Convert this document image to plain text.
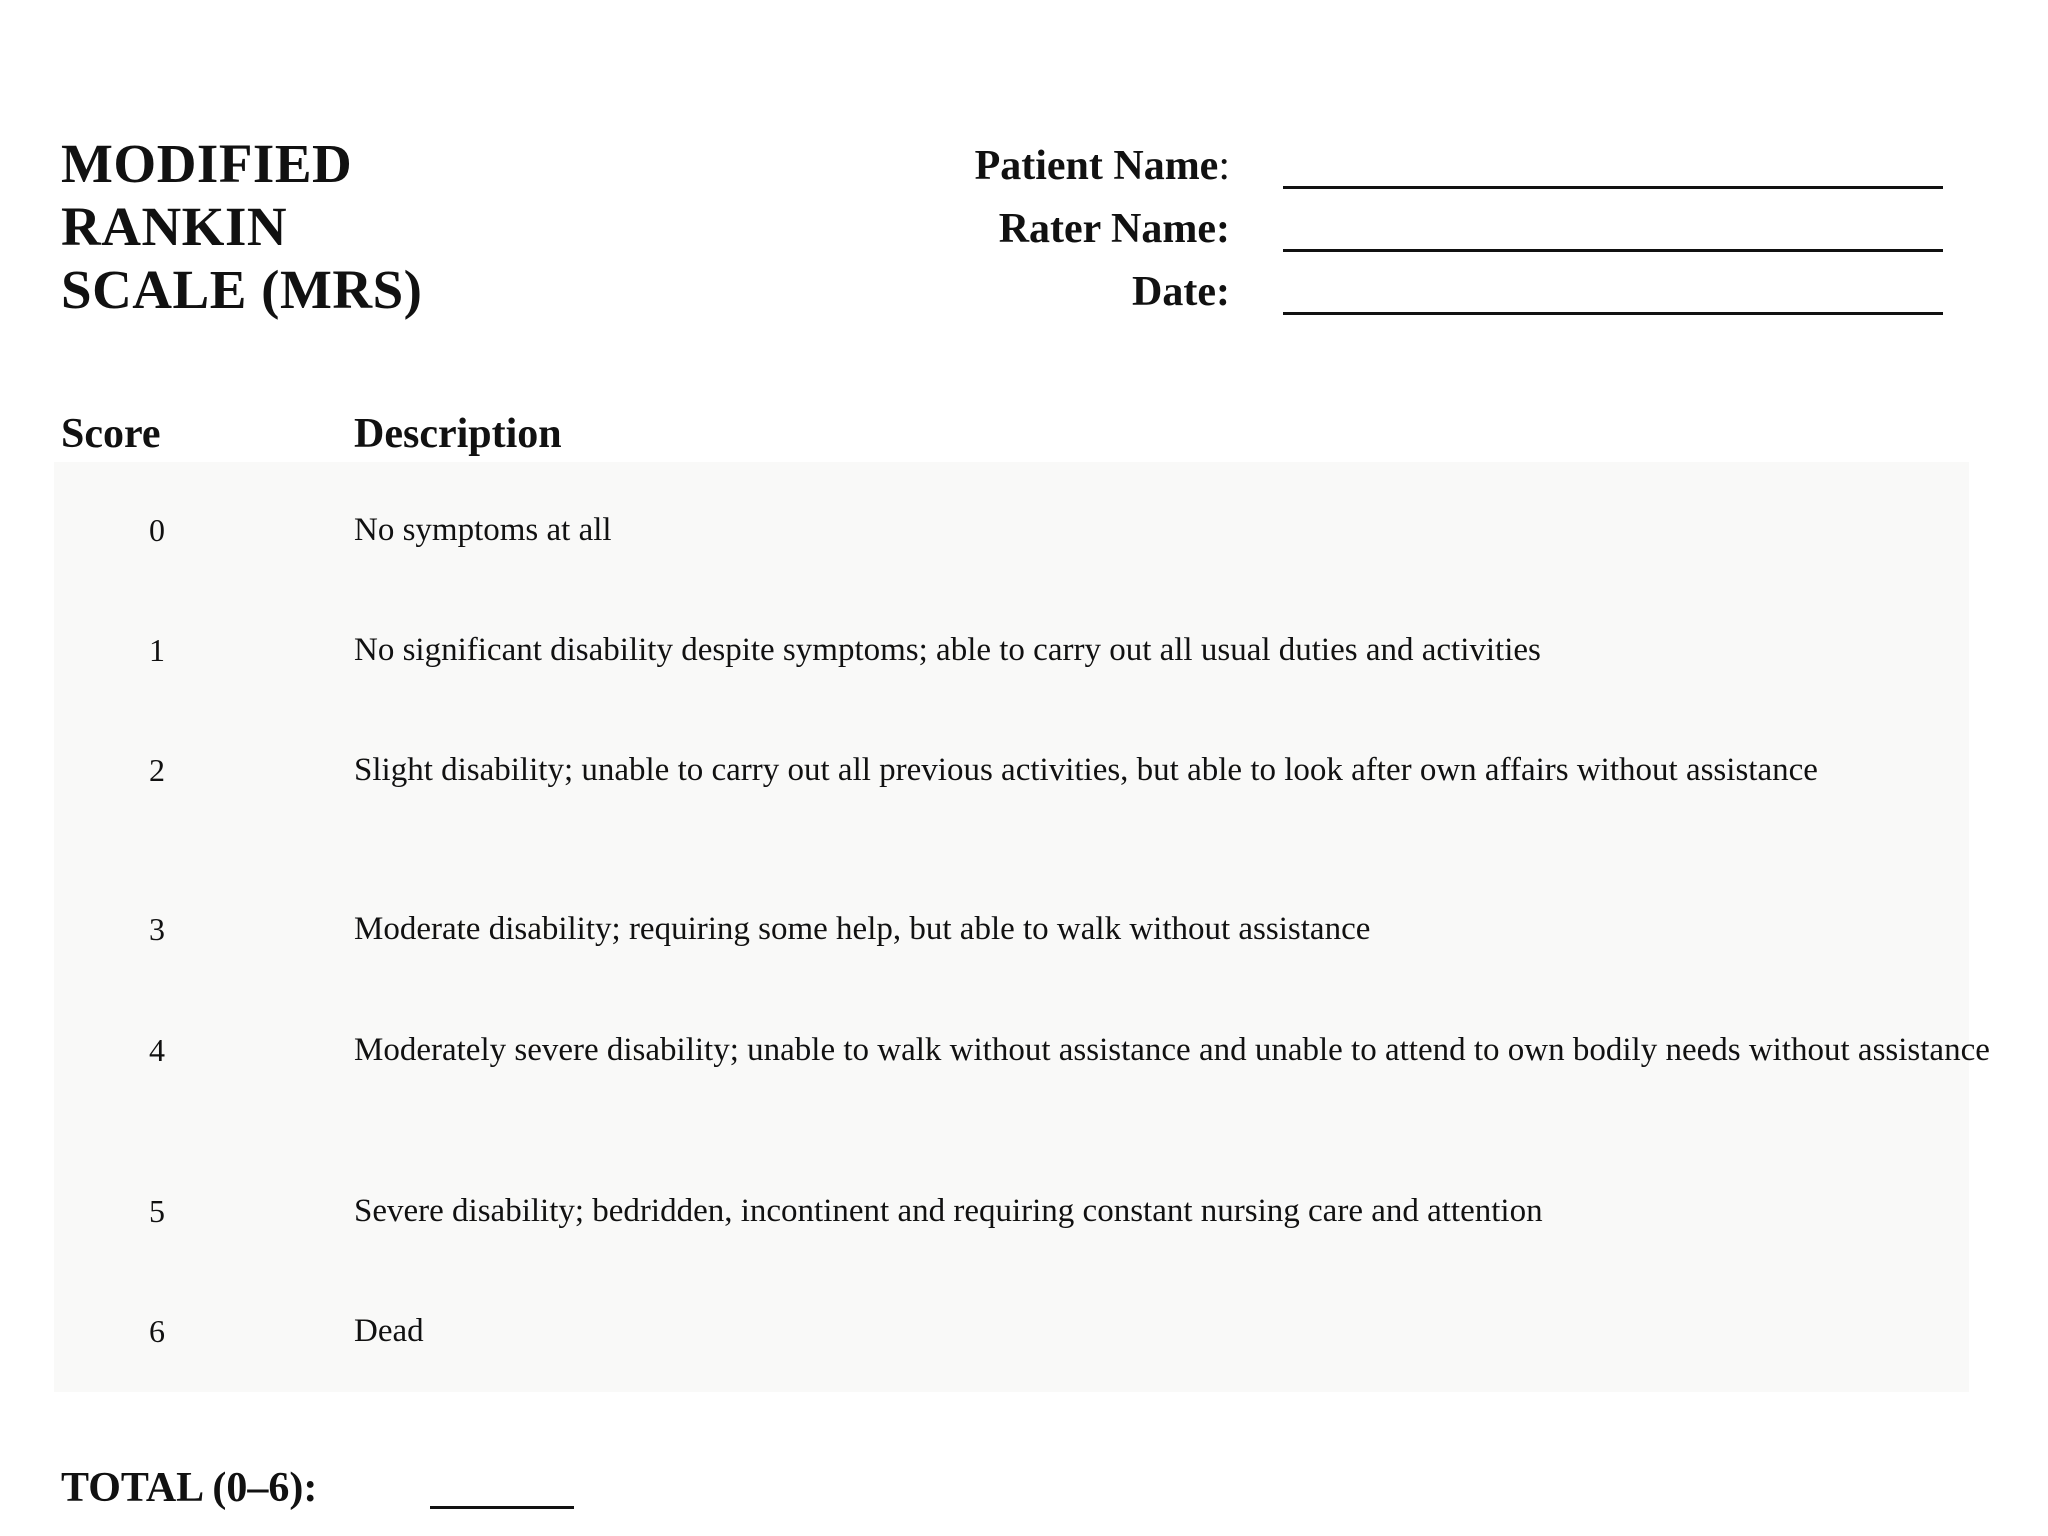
MODIFIED
RANKIN
SCALE (MRS)
Patient Name:
Rater Name:
Date:
Score	Description
0	No symptoms at all
1	No significant disability despite symptoms; able to carry out all usual duties and activities
2	Slight disability; unable to carry out all previous activities, but able to look after own affairs without assistance
3	Moderate disability; requiring some help, but able to walk without assistance
4	Moderately severe disability; unable to walk without assistance and unable to attend to own bodily needs without assistance
5	Severe disability; bedridden, incontinent and requiring constant nursing care and attention
6	Dead
TOTAL (0–6):
